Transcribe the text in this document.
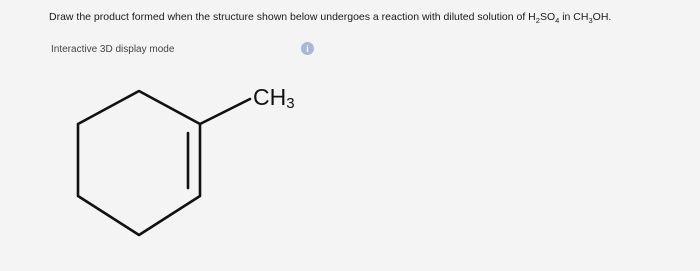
Draw the product formed when the structure shown below undergoes a reaction with diluted solution of $H_2SO_4$ in $CH_3OH$.
Interactive 3D display mode	i
$CH_3$
